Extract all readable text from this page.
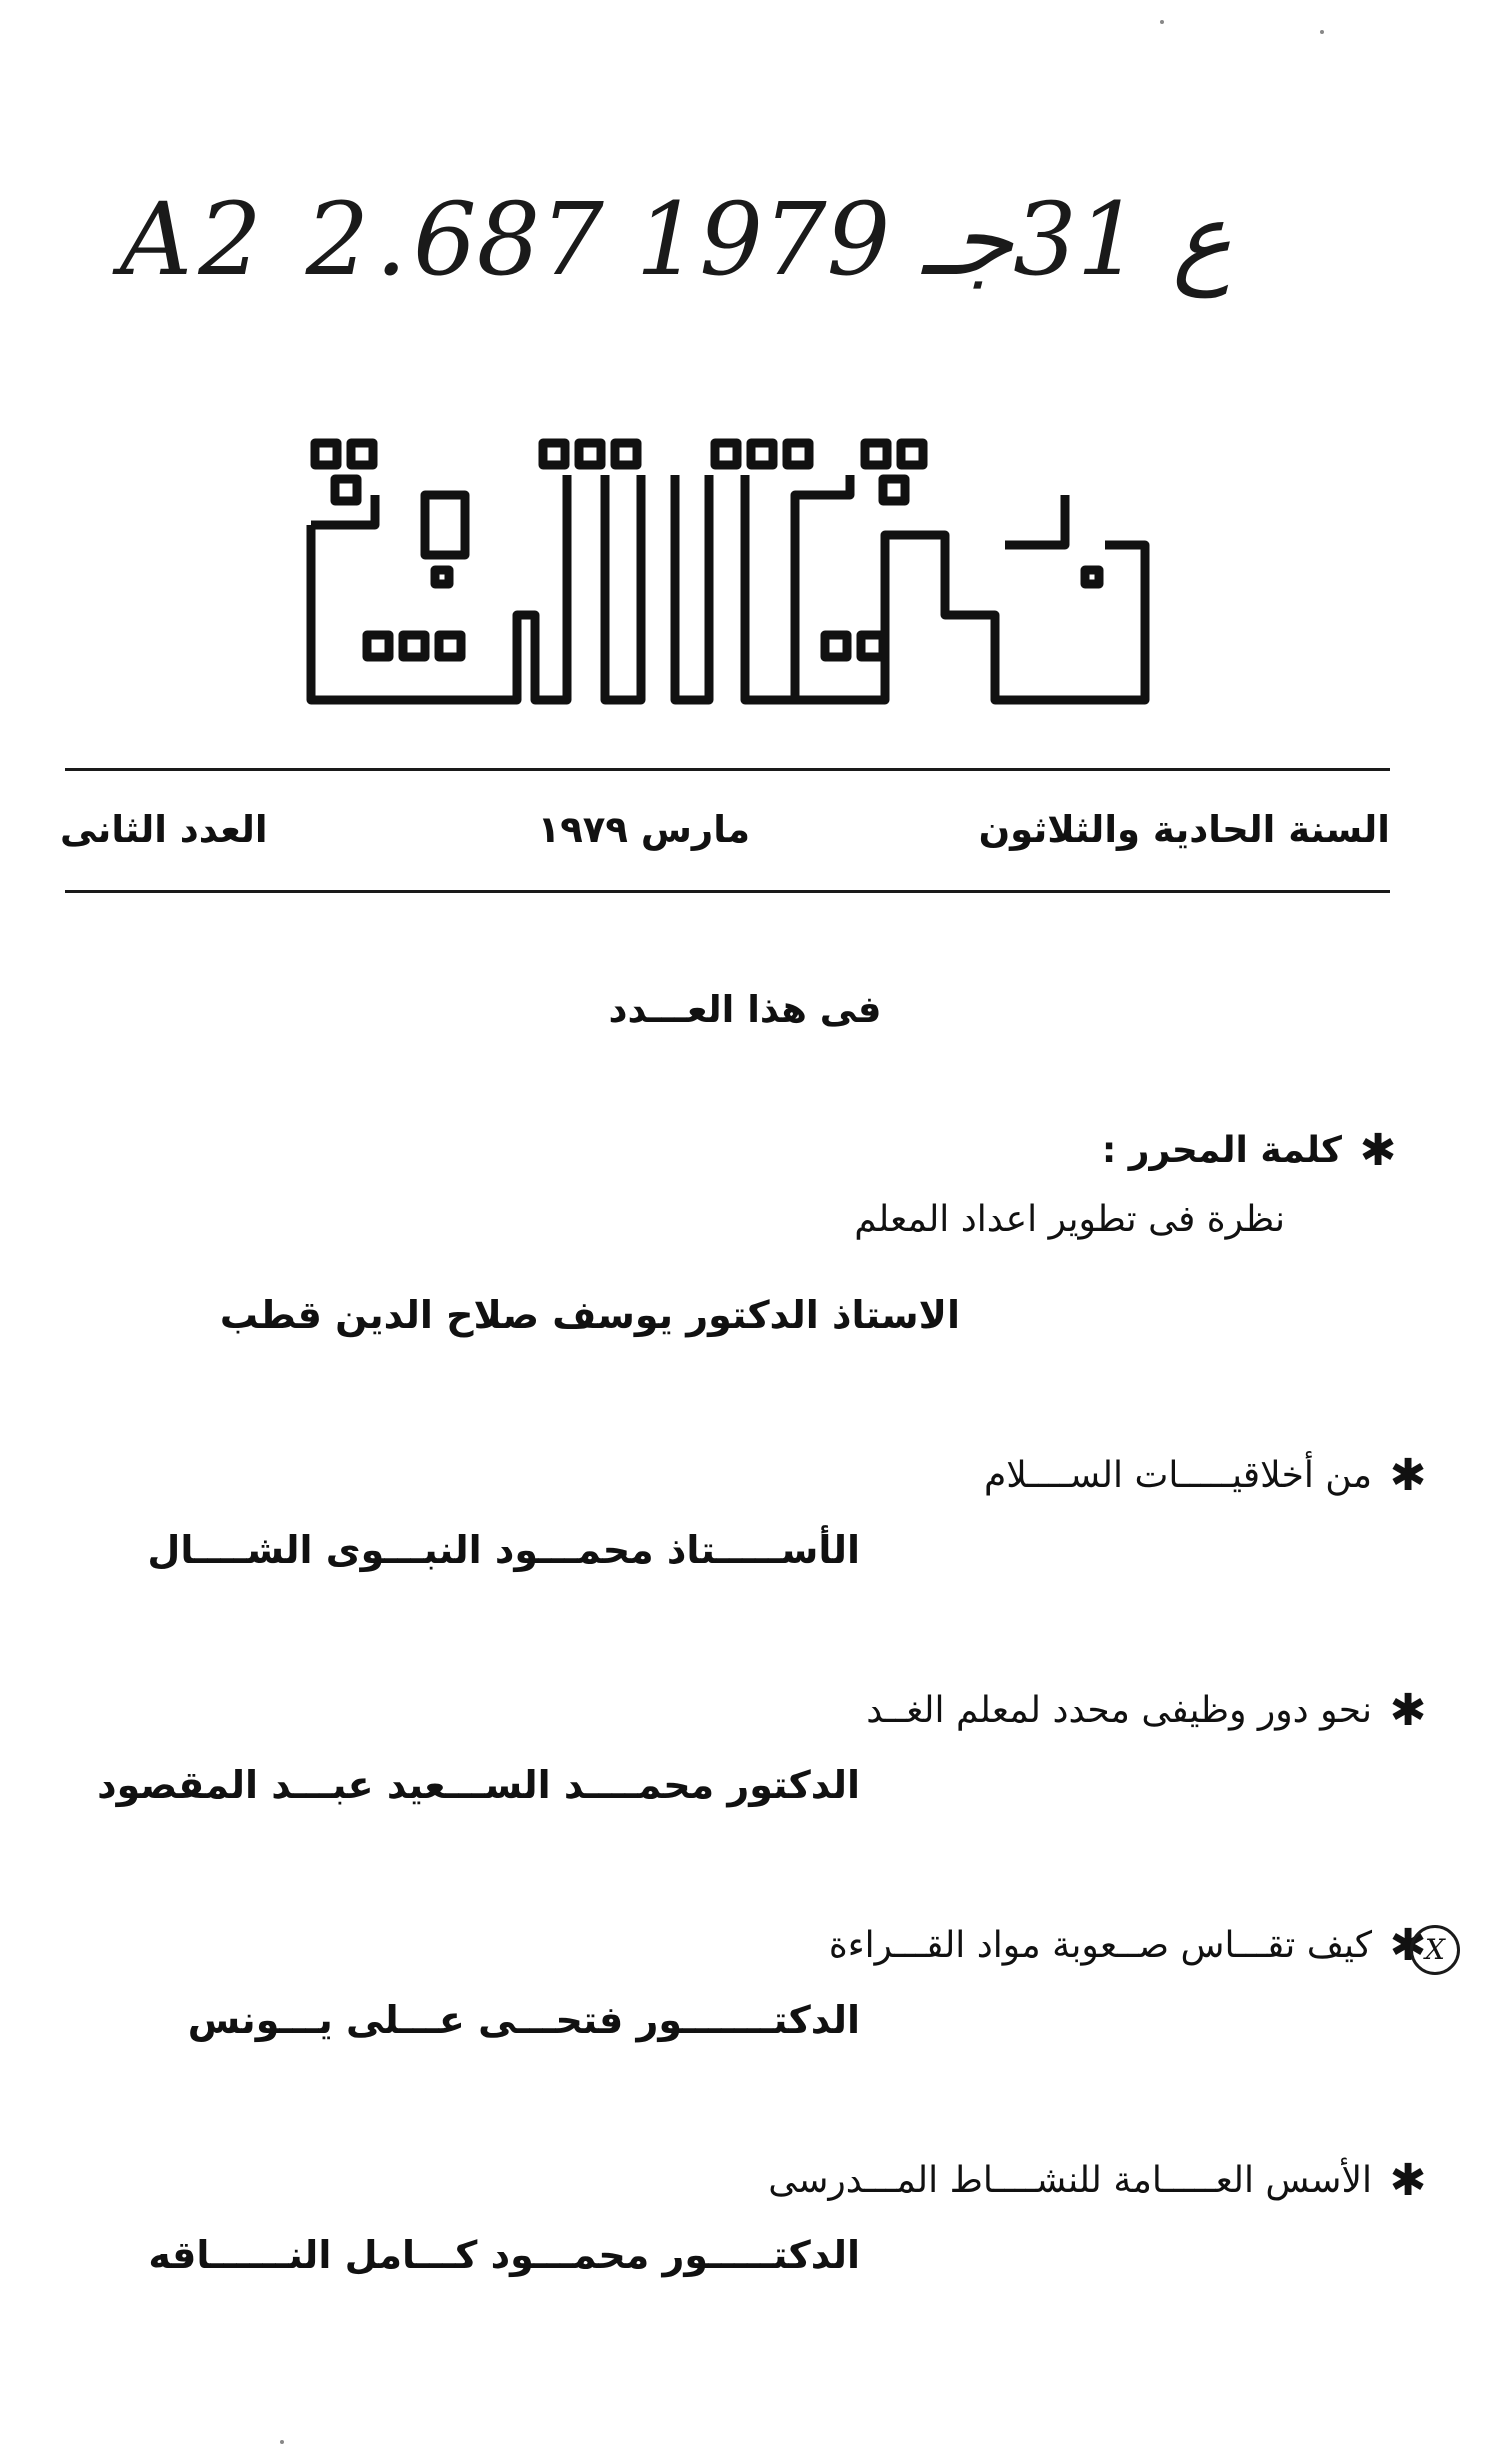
A2 2.ع 31جـ 1979 687
السنة الحادية والثلاثون
مارس ١٩٧٩
العدد الثانى
فى هذا العـــدد
✱
كلمة المحرر :
نظرة فى تطوير اعداد المعلم
الاستاذ الدكتور يوسف صلاح الدين قطب
✱
من أخلاقيـــــات الســــلام
الأســـــتاذ محمـــود النبـــوى الشــــال
✱
نحو دور وظيفى محدد لمعلم الغــد
الدكتور محمــــد الســـعيد عبـــد المقصود
✱
كيف تقـــاس صــعوبة مواد القـــراءة
الدكتـــــــور فتحـــى عـــلى يـــونس
✱
الأسس العـــــامة للنشــــاط المـــدرسى
الدكتـــــور محمـــود كـــامل النــــــاقه
X
